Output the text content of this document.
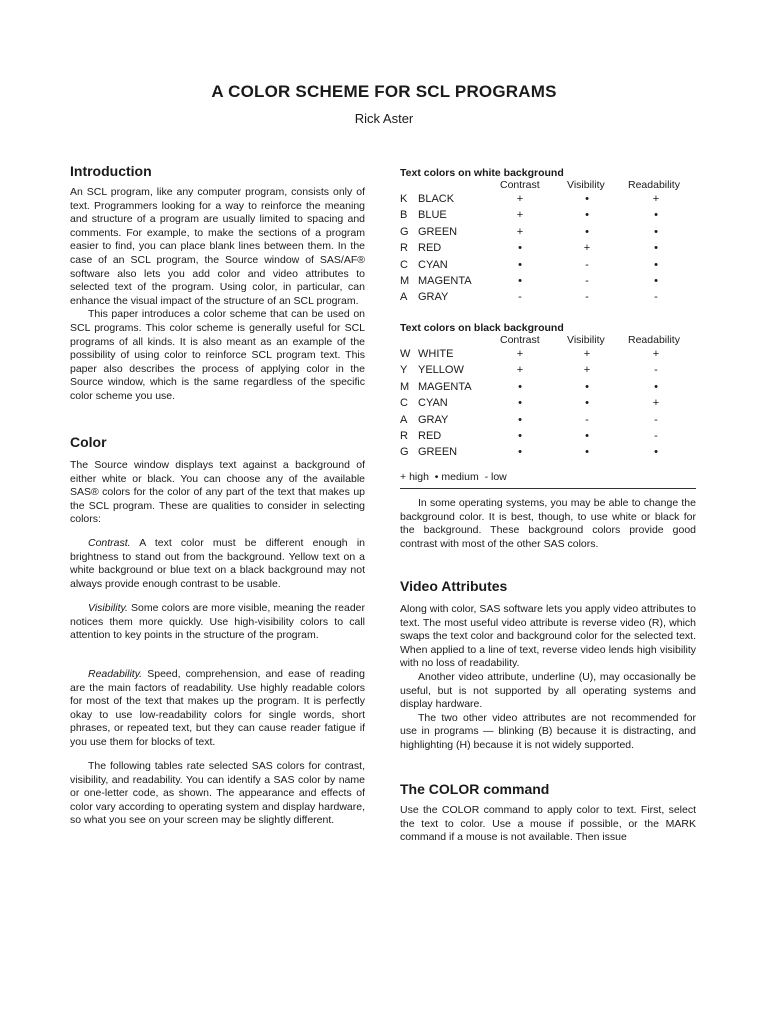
A COLOR SCHEME FOR SCL PROGRAMS
Rick Aster
Introduction

An SCL program, like any computer program, consists only of text. Programmers looking for a way to reinforce the meaning and structure of a program are usually limited to spacing and comments. For example, to make the sections of a program easier to find, you can place blank lines between them. In the case of an SCL program, the Source window of SAS/AF® software also lets you add color and video attributes to selected text of the program. Using color, in particular, can enhance the visual impact of the structure of an SCL program.

This paper introduces a color scheme that can be used on SCL programs. This color scheme is generally useful for SCL programs of all kinds. It is also meant as an example of the possibility of using color to reinforce SCL program text. This paper also describes the process of applying color in the Source window, which is the same regardless of the specific color scheme you use.

Color

The Source window displays text against a background of either white or black. You can choose any of the available SAS® colors for the color of any part of the text that makes up the SCL program. These are qualities to consider in selecting colors:

Contrast. A text color must be different enough in brightness to stand out from the background. Yellow text on a white background or blue text on a black background may not always provide enough contrast to be usable.

Visibility. Some colors are more visible, meaning the reader notices them more quickly. Use high-visibility colors to call attention to key points in the structure of the program.

Readability. Speed, comprehension, and ease of reading are the main factors of readability. Use highly readable colors for most of the text that makes up the program. It is perfectly okay to use low-readability colors for single words, short phrases, or repeated text, but they can cause reader fatigue if you use them for blocks of text.

The following tables rate selected SAS colors for contrast, visibility, and readability. You can identify a SAS color by name or one-letter code, as shown. The appearance and effects of color vary according to operating system and display hardware, so what you see on your screen may be slightly different.

Text colors on white background
Contrast	Visibility Readability
K BLACK	+	•	+
B BLUE	+	•	•
G GREEN	+	•	•
R RED	•	+	•
C CYAN	•	-	•
M MAGENTA	•	-	•
A GRAY	-	-	-
Text colors on black background
Contrast	Visibility Readability
W WHITE	+	+	+
Y YELLOW	+	+	-
M MAGENTA	•	•	•
C CYAN	•	•	+
A GRAY	•	-	-
R RED	•	•	-
G GREEN	•	•	•
+ high • medium - low

In some operating systems, you may be able to change the background color. It is best, though, to use white or black for the background. These background colors provide good contrast with most of the other SAS colors.

Video Attributes

Along with color, SAS software lets you apply video attributes to text. The most useful video attribute is reverse video (R), which swaps the text color and background color for the selected text. When applied to a line of text, reverse video lends high visibility with no loss of readability.

Another video attribute, underline (U), may occasionally be useful, but is not supported by all operating systems and display hardware.

The two other video attributes are not recommended for use in programs — blinking (B) because it is distracting, and highlighting (H) because it is not widely supported.

The COLOR command

Use the COLOR command to apply color to text. First, select the text to color. Use a mouse if possible, or the MARK command if a mouse is not available. Then issue
